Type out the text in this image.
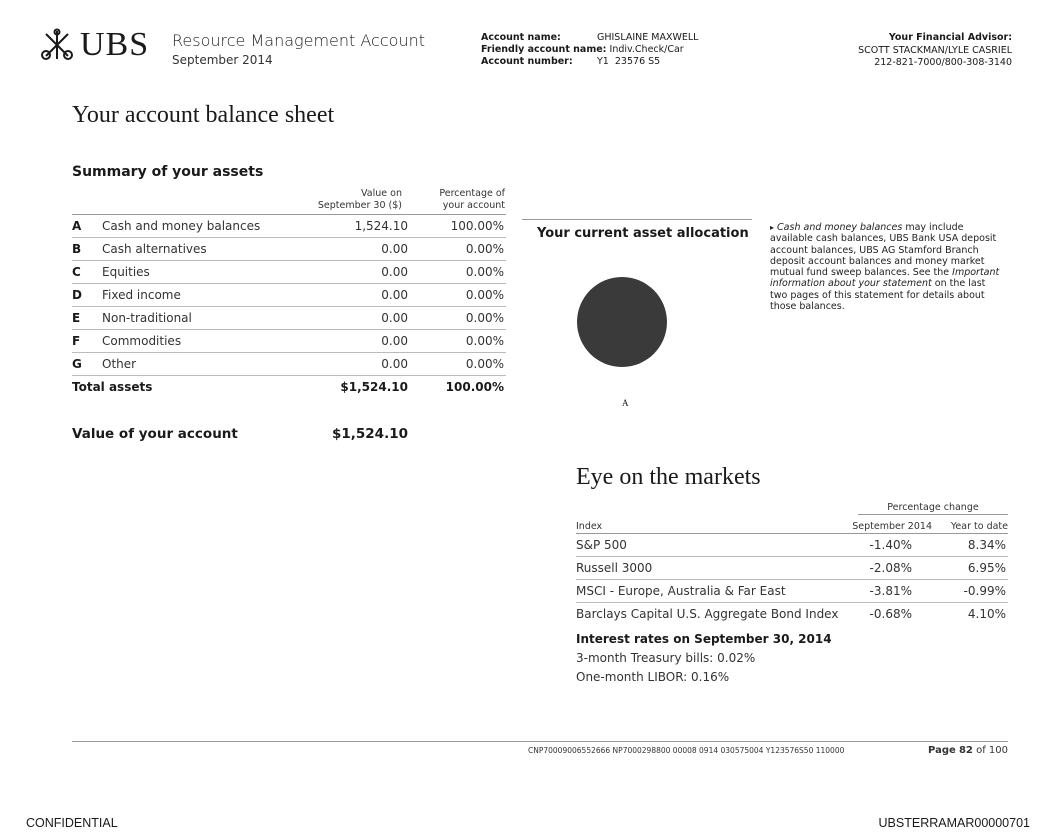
UBS Resource Management Account
September 2014
Account name:	GHISLAINE MAXWELL
Friendly account name: Indiv.Check/Car
Account number:	Y1  23576 S5
Your Financial Advisor:
SCOTT STACKMAN/LYLE CASRIEL
212-821-7000/800-308-3140
Your account balance sheet
Summary of your assets
Value on
September 30 ($)
Percentage of
your account
A Cash and money balances	1,524.10	100.00%
B Cash alternatives	0.00	0.00%
C Equities	0.00	0.00%
D Fixed income	0.00	0.00%
E Non-traditional	0.00	0.00%
F Commodities	0.00	0.00%
G Other	0.00	0.00%
Total assets	$1,524.10	100.00%
Value of your account	$1,524.10
Your current asset allocation
A
▸ Cash and money balances may include available cash balances, UBS Bank USA deposit account balances, UBS AG Stamford Branch deposit account balances and money market mutual fund sweep balances. See the Important information about your statement on the last two pages of this statement for details about those balances.
Eye on the markets
Percentage change
Index	September 2014 Year to date
S&P 500	-1.40%	8.34%
Russell 3000	-2.08%	6.95%
MSCI - Europe, Australia & Far East	-3.81%	-0.99%
Barclays Capital U.S. Aggregate Bond Index	-0.68%	4.10%
Interest rates on September 30, 2014
3-month Treasury bills: 0.02%
One-month LIBOR: 0.16%
CNP70009006552666 NP7000298800 00008 0914 030575004 Y123576S50 110000	Page 82 of 100
CONFIDENTIAL	UBSTERRAMAR00000701
